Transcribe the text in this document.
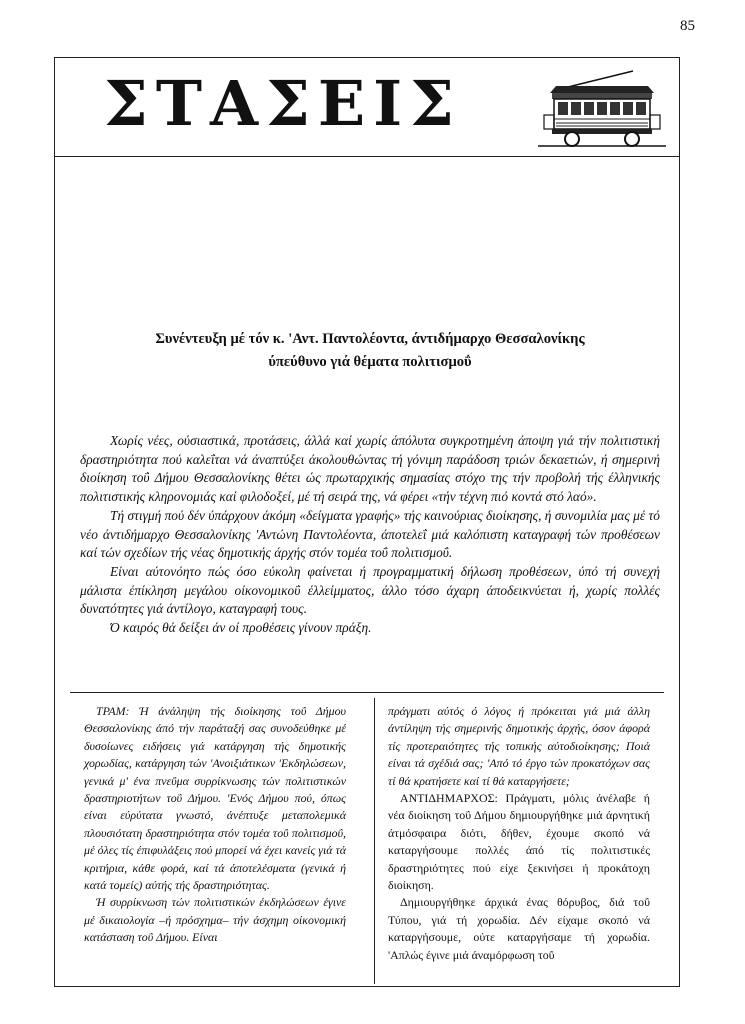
85
ΣΤΑΣΕΙΣ
Συνέντευξη μέ τόν κ. 'Αντ. Παντολέοντα, άντιδήμαρχο Θεσσαλονίκης
ύπεύθυνο γιά θέματα πολιτισμοΰ

Χωρίς νέες, ούσιαστικά, προτάσεις, άλλά καί χωρίς άπόλυτα συγκροτημένη άποψη γιά τήν πολιτιστική δραστηριότητα πού καλεΐται νά άναπτύξει άκολουθώντας τή γόνιμη παράδοση τριών δεκαετιών, ή σημερινή διοίκηση τοΰ Δήμου Θεσσαλονίκης θέτει ώς πρωταρχικής σημασίας στόχο της τήν προβολή τής έλληνικής πολιτιστικής κληρονομιάς καί φιλοδοξεί, μέ τή σειρά της, νά φέρει «τήν τέχνη πιό κοντά στό λαό».

Τή στιγμή πού δέν ύπάρχουν άκόμη «δείγματα γραφής» τής καινούριας διοίκησης, ή συνομιλία μας μέ τό νέο άντιδήμαρχο Θεσσαλονίκης 'Αντώνη Παντολέοντα, άποτελεΐ μιά καλόπιστη καταγραφή τών προθέσεων καί τών σχεδίων τής νέας δημοτικής άρχής στόν τομέα τοΰ πολιτισμοΰ.

Είναι αύτονόητο πώς όσο εύκολη φαίνεται ή προγραμματική δήλωση προθέσεων, ύπό τή συνεχή μάλιστα έπίκληση μεγάλου οίκονομικοΰ έλλείμματος, άλλο τόσο άχαρη άποδεικνύεται ή, χωρίς πολλές δυνατότητες γιά άντίλογο, καταγραφή τους.

Ό καιρός θά δείξει άν οί προθέσεις γίνουν πράξη.

ΤΡΑΜ: Ή άνάληψη τής διοίκησης τοΰ Δήμου Θεσσαλονίκης άπό τήν παράταξή σας συνοδεύθηκε μέ δυσοίωνες ειδήσεις γιά κατάργηση τής δημοτικής χορωδίας, κατάργηση τών 'Ανοιξιάτικων 'Εκδηλώσεων, γενικά μ' ένα πνεΰμα συρρίκνωσης τών πολιτιστικών δραστηριοτήτων τοΰ Δήμου. 'Ενός Δήμου πού, όπως είναι εύρύτατα γνωστό, άνέπτυξε μεταπολεμικά πλουσιότατη δραστηριότητα στόν τομέα τοΰ πολιτισμοΰ, μέ όλες τίς έπιφυλάξεις πού μπορεί νά έχει κανείς γιά τά κριτήρια, κάθε φορά, καί τά άποτελέσματα (γενικά ή κατά τομείς) αύτής τής δραστηριότητας.

Ή συρρίκνωση τών πολιτιστικών έκδηλώσεων έγινε μέ δικαιολογία –ή πρόσχημα– τήν άσχημη οίκονομική κατάσταση τοΰ Δήμου. Είναι

πράγματι αύτός ό λόγος ή πρόκειται γιά μιά άλλη άντίληψη τής σημερινής δημοτικής άρχής, όσον άφορά τίς προτεραιότητες τής τοπικής αύτοδιοίκησης; Ποιά είναι τά σχέδιά σας; 'Από τό έργο τών προκατόχων σας τί θά κρατήσετε καί τί θά καταργήσετε;

ΑΝΤΙΔΗΜΑΡΧΟΣ: Πράγματι, μόλις άνέλαβε ή νέα διοίκηση τοΰ Δήμου δημιουργήθηκε μιά άρνητική άτμόσφαιρα διότι, δήθεν, έχουμε σκοπό νά καταργήσουμε πολλές άπό τίς πολιτιστικές δραστηριότητες πού είχε ξεκινήσει ή προκάτοχη διοίκηση.

Δημιουργήθηκε άρχικά ένας θόρυβος, διά τοΰ Τύπου, γιά τή χορωδία. Δέν είχαμε σκοπό νά καταργήσουμε, ούτε καταργήσαμε τή χορωδία. 'Απλώς έγινε μιά άναμόρφωση τοΰ
